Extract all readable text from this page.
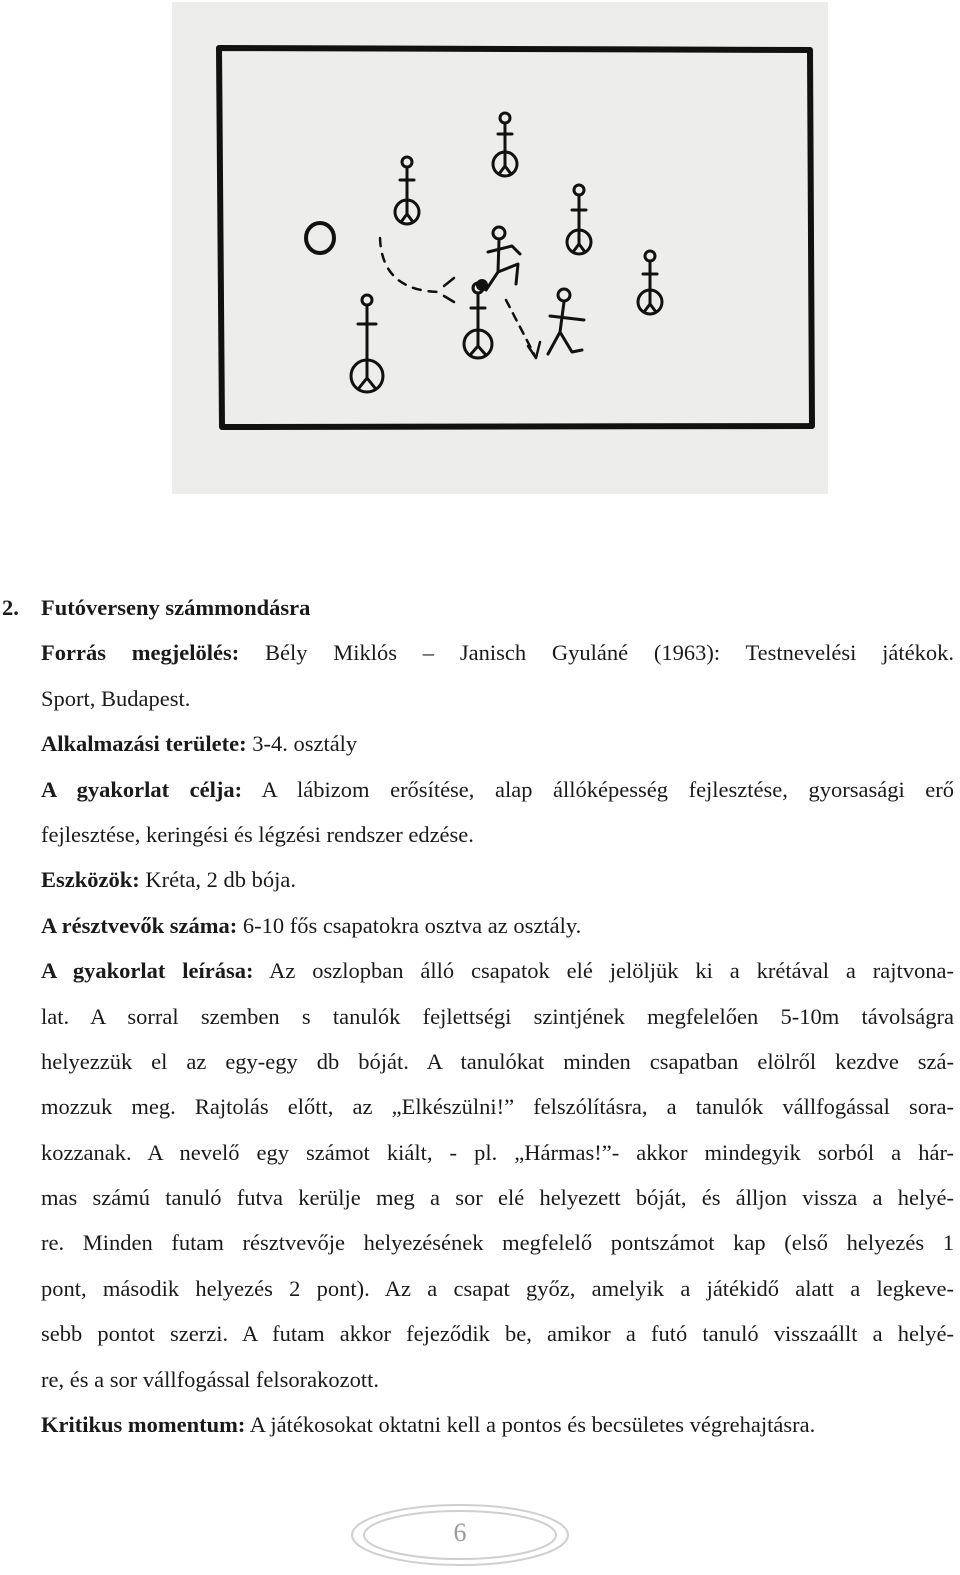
2. Futóverseny számmondásra
Forrás megjelölés: Bély Miklós – Janisch Gyuláné (1963): Testnevelési játékok.
Sport, Budapest.
Alkalmazási területe: 3-4. osztály
A gyakorlat célja: A lábizom erősítése, alap állóképesség fejlesztése, gyorsasági erő
fejlesztése, keringési és légzési rendszer edzése.
Eszközök: Kréta, 2 db bója.
A résztvevők száma: 6-10 fős csapatokra osztva az osztály.
A gyakorlat leírása: Az oszlopban álló csapatok elé jelöljük ki a krétával a rajtvona-
lat. A sorral szemben s tanulók fejlettségi szintjének megfelelően 5-10m távolságra
helyezzük el az egy-egy db bóját. A tanulókat minden csapatban elölről kezdve szá-
mozzuk meg. Rajtolás előtt, az „Elkészülni!” felszólításra, a tanulók vállfogással sora-
kozzanak. A nevelő egy számot kiált, - pl. „Hármas!”- akkor mindegyik sorból a hár-
mas számú tanuló futva kerülje meg a sor elé helyezett bóját, és álljon vissza a helyé-
re. Minden futam résztvevője helyezésének megfelelő pontszámot kap (első helyezés 1
pont, második helyezés 2 pont). Az a csapat győz, amelyik a játékidő alatt a legkeve-
sebb pontot szerzi. A futam akkor fejeződik be, amikor a futó tanuló visszaállt a helyé-
re, és a sor vállfogással felsorakozott.
Kritikus momentum: A játékosokat oktatni kell a pontos és becsületes végrehajtásra.
6
